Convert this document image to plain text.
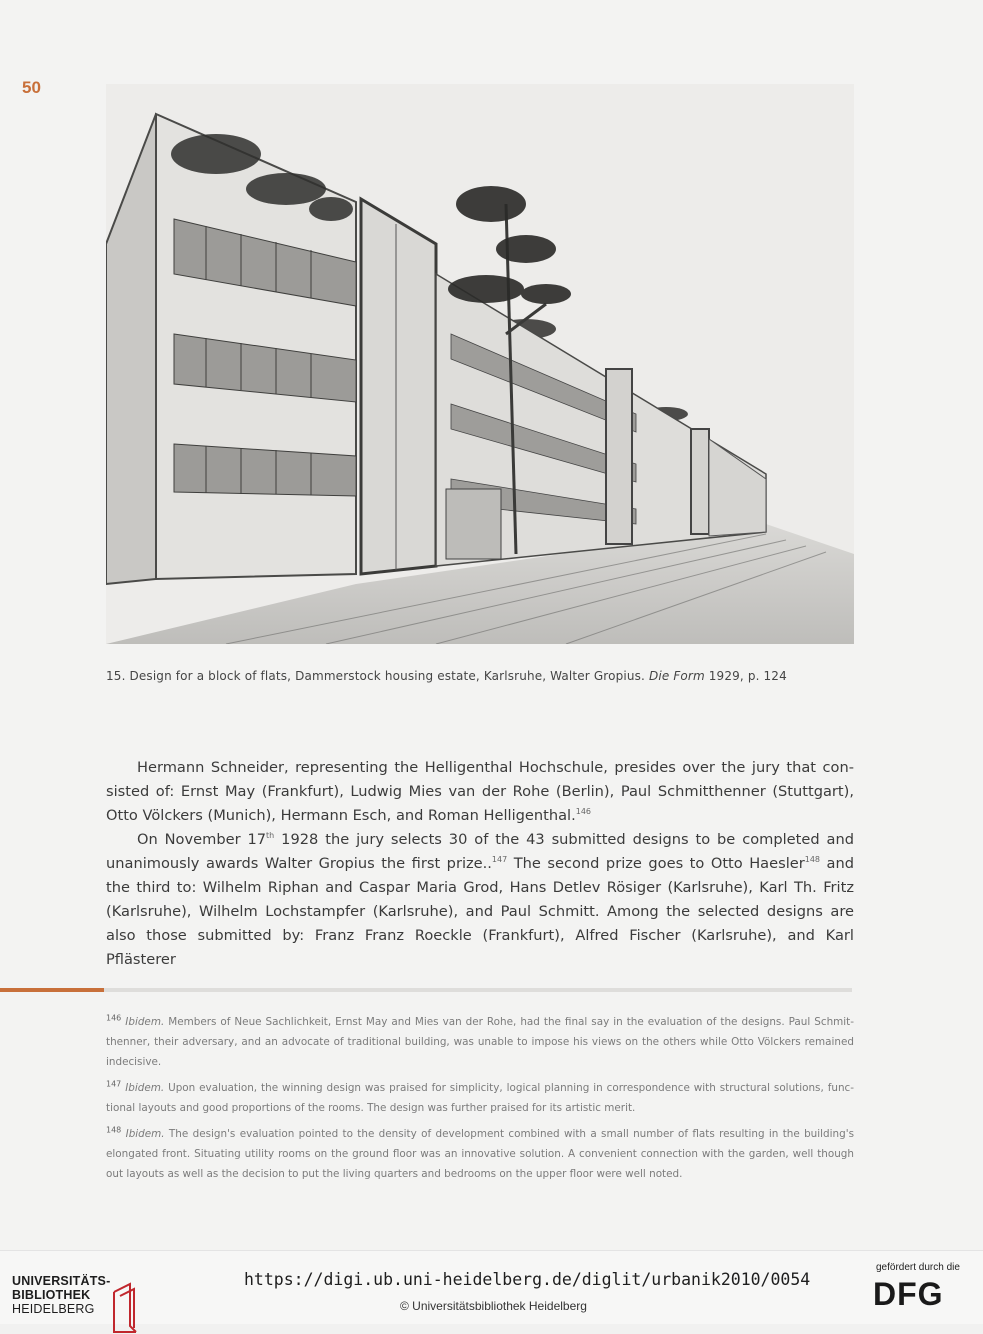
50
15. Design for a block of flats, Dammerstock housing estate, Karlsruhe, Walter Gropius. Die Form 1929, p. 124

Hermann Schneider, representing the Helligenthal Hochschule, presides over the jury that con-sisted of: Ernst May (Frankfurt), Ludwig Mies van der Rohe (Berlin), Paul Schmitthenner (Stuttgart), Otto Völckers (Munich), Hermann Esch, and Roman Helligenthal.$^{146}$

On November 17th 1928 the jury selects 30 of the 43 submitted designs to be completed and unanimously awards Walter Gropius the first prize..$^{147}$ The second prize goes to Otto Haesler$^{148}$ and the third to: Wilhelm Riphan and Caspar Maria Grod, Hans Detlev Rösiger (Karlsruhe), Karl Th. Fritz (Karlsruhe), Wilhelm Lochstampfer (Karlsruhe), and Paul Schmitt. Among the selected designs are also those submitted by: Franz Franz Roeckle (Frankfurt), Alfred Fischer (Karlsruhe), and Karl Pflästerer

$^{146}$ Ibidem. Members of Neue Sachlichkeit, Ernst May and Mies van der Rohe, had the final say in the evaluation of the designs. Paul Schmit-thenner, their adversary, and an advocate of traditional building, was unable to impose his views on the others while Otto Völckers remained indecisive.

$^{147}$ Ibidem. Upon evaluation, the winning design was praised for simplicity, logical planning in correspondence with structural solutions, func-tional layouts and good proportions of the rooms. The design was further praised for its artistic merit.

$^{148}$ Ibidem. The design's evaluation pointed to the density of development combined with a small number of flats resulting in the building's elongated front. Situating utility rooms on the ground floor was an innovative solution. A convenient connection with the garden, well though out layouts as well as the decision to put the living quarters and bedrooms on the upper floor were well noted.

UNIVERSITÄTS-
BIBLIOTHEK
HEIDELBERG
https://digi.ub.uni-heidelberg.de/diglit/urbanik2010/0054
© Universitätsbibliothek Heidelberg
gefördert durch die
DFG
